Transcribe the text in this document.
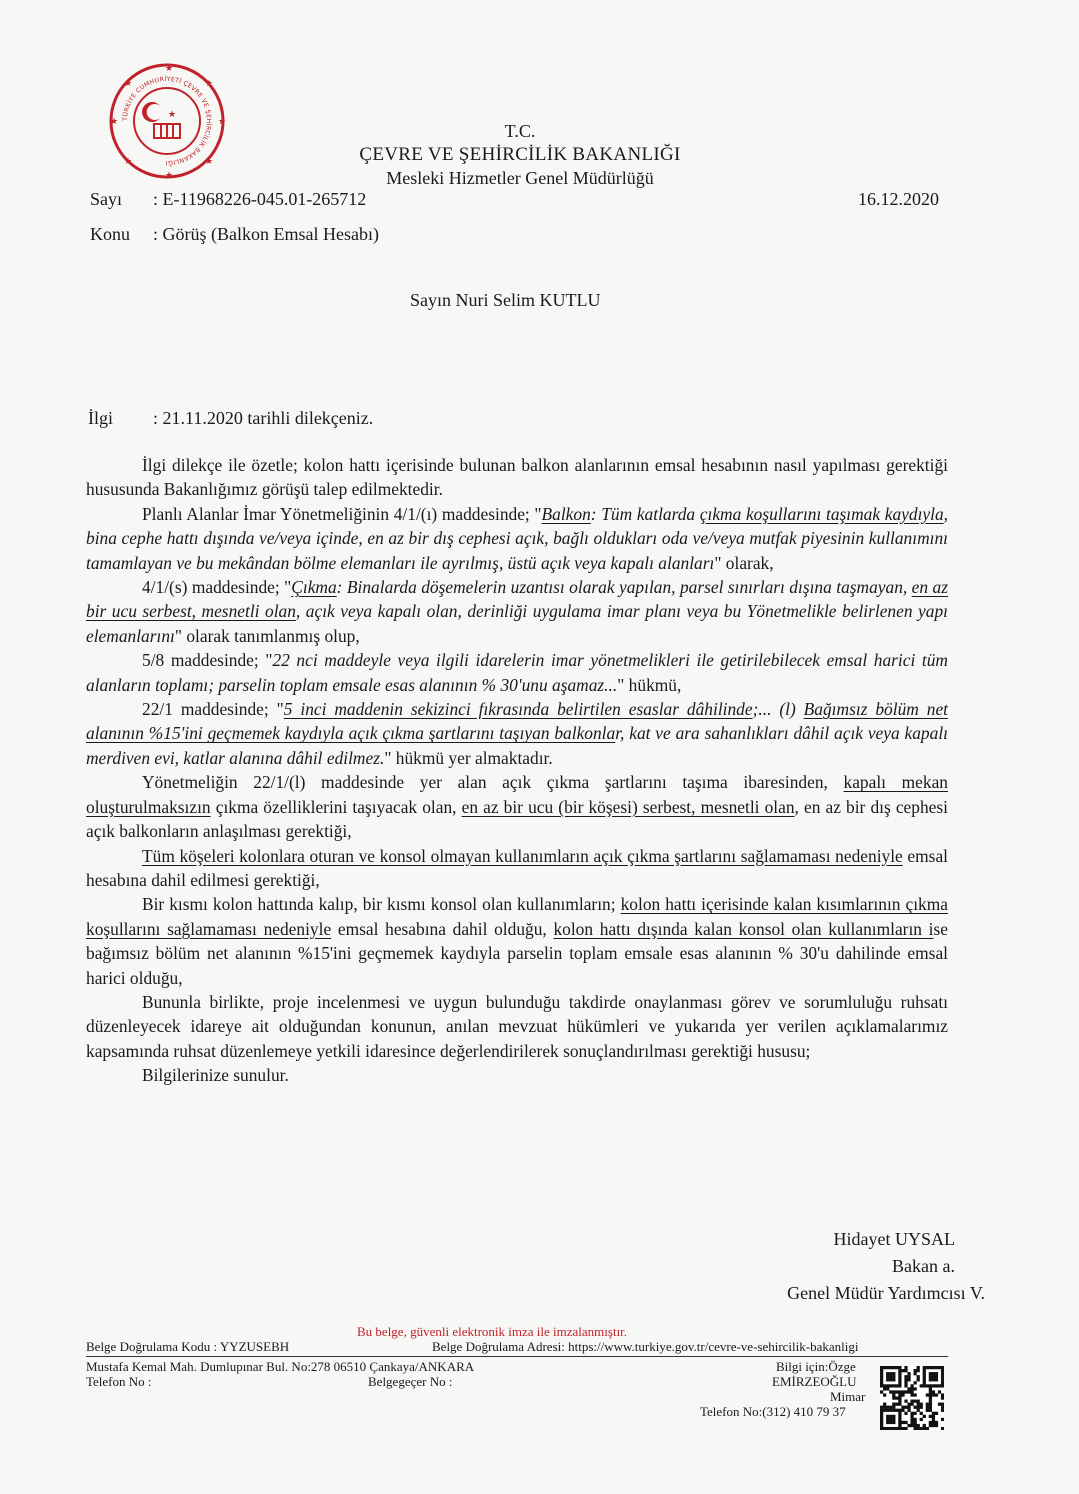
★
★
★	★
★	★
★	★
TÜRKİYE CUMHURİYETİ ÇEVRE VE ŞEHİRCİLİK BAKANLIĞI
★
T.C.
ÇEVRE VE ŞEHİRCİLİK BAKANLIĞI
Mesleki Hizmetler Genel Müdürlüğü
Sayı : E-11968226-045.01-265712	16.12.2020
Konu : Görüş (Balkon Emsal Hesabı)
Sayın Nuri Selim KUTLU
İlgi : 21.11.2020 tarihli dilekçeniz.

İlgi dilekçe ile özetle; kolon hattı içerisinde bulunan balkon alanlarının emsal hesabının nasıl yapılması gerektiği hususunda Bakanlığımız görüşü talep edilmektedir.

Planlı Alanlar İmar Yönetmeliğinin 4/1/(ı) maddesinde; "Balkon: Tüm katlarda çıkma koşullarını taşımak kaydıyla, bina cephe hattı dışında ve/veya içinde, en az bir dış cephesi açık, bağlı oldukları oda ve/veya mutfak piyesinin kullanımını tamamlayan ve bu mekândan bölme elemanları ile ayrılmış, üstü açık veya kapalı alanları" olarak,

4/1/(s) maddesinde; "Çıkma: Binalarda döşemelerin uzantısı olarak yapılan, parsel sınırları dışına taşmayan, en az bir ucu serbest, mesnetli olan, açık veya kapalı olan, derinliği uygulama imar planı veya bu Yönetmelikle belirlenen yapı elemanlarını" olarak tanımlanmış olup,

5/8 maddesinde; "22 nci maddeyle veya ilgili idarelerin imar yönetmelikleri ile getirilebilecek emsal harici tüm alanların toplamı; parselin toplam emsale esas alanının % 30'unu aşamaz..." hükmü,

22/1 maddesinde; "5 inci maddenin sekizinci fıkrasında belirtilen esaslar dâhilinde;... (l) Bağımsız bölüm net alanının %15'ini geçmemek kaydıyla açık çıkma şartlarını taşıyan balkonlar, kat ve ara sahanlıkları dâhil açık veya kapalı merdiven evi, katlar alanına dâhil edilmez." hükmü yer almaktadır.

Yönetmeliğin 22/1/(l) maddesinde yer alan açık çıkma şartlarını taşıma ibaresinden, kapalı mekan oluşturulmaksızın çıkma özelliklerini taşıyacak olan, en az bir ucu (bir köşesi) serbest, mesnetli olan, en az bir dış cephesi açık balkonların anlaşılması gerektiği,

Tüm köşeleri kolonlara oturan ve konsol olmayan kullanımların açık çıkma şartlarını sağlamaması nedeniyle emsal hesabına dahil edilmesi gerektiği,

Bir kısmı kolon hattında kalıp, bir kısmı konsol olan kullanımların; kolon hattı içerisinde kalan kısımlarının çıkma koşullarını sağlamaması nedeniyle emsal hesabına dahil olduğu, kolon hattı dışında kalan konsol olan kullanımların ise bağımsız bölüm net alanının %15'ini geçmemek kaydıyla parselin toplam emsale esas alanının % 30'u dahilinde emsal harici olduğu,

Bununla birlikte, proje incelenmesi ve uygun bulunduğu takdirde onaylanması görev ve sorumluluğu ruhsatı düzenleyecek idareye ait olduğundan konunun, anılan mevzuat hükümleri ve yukarıda yer verilen açıklamalarımız kapsamında ruhsat düzenlemeye yetkili idaresince değerlendirilerek sonuçlandırılması gerektiği hususu;

Bilgilerinize sunulur.

Hidayet UYSAL
Bakan a.
Genel Müdür Yardımcısı V.
Bu belge, güvenli elektronik imza ile imzalanmıştır.
Belge Doğrulama Kodu : YYZUSEBH	Belge Doğrulama Adresi: https://www.turkiye.gov.tr/cevre-ve-sehircilik-bakanligi
Mustafa Kemal Mah. Dumlupınar Bul. No:278 06510 Çankaya/ANKARA	Bilgi için:Özge
Telefon No :	Belgegeçer No :	EMİRZEOĞLU
Mimar
Telefon No:(312) 410 79 37
